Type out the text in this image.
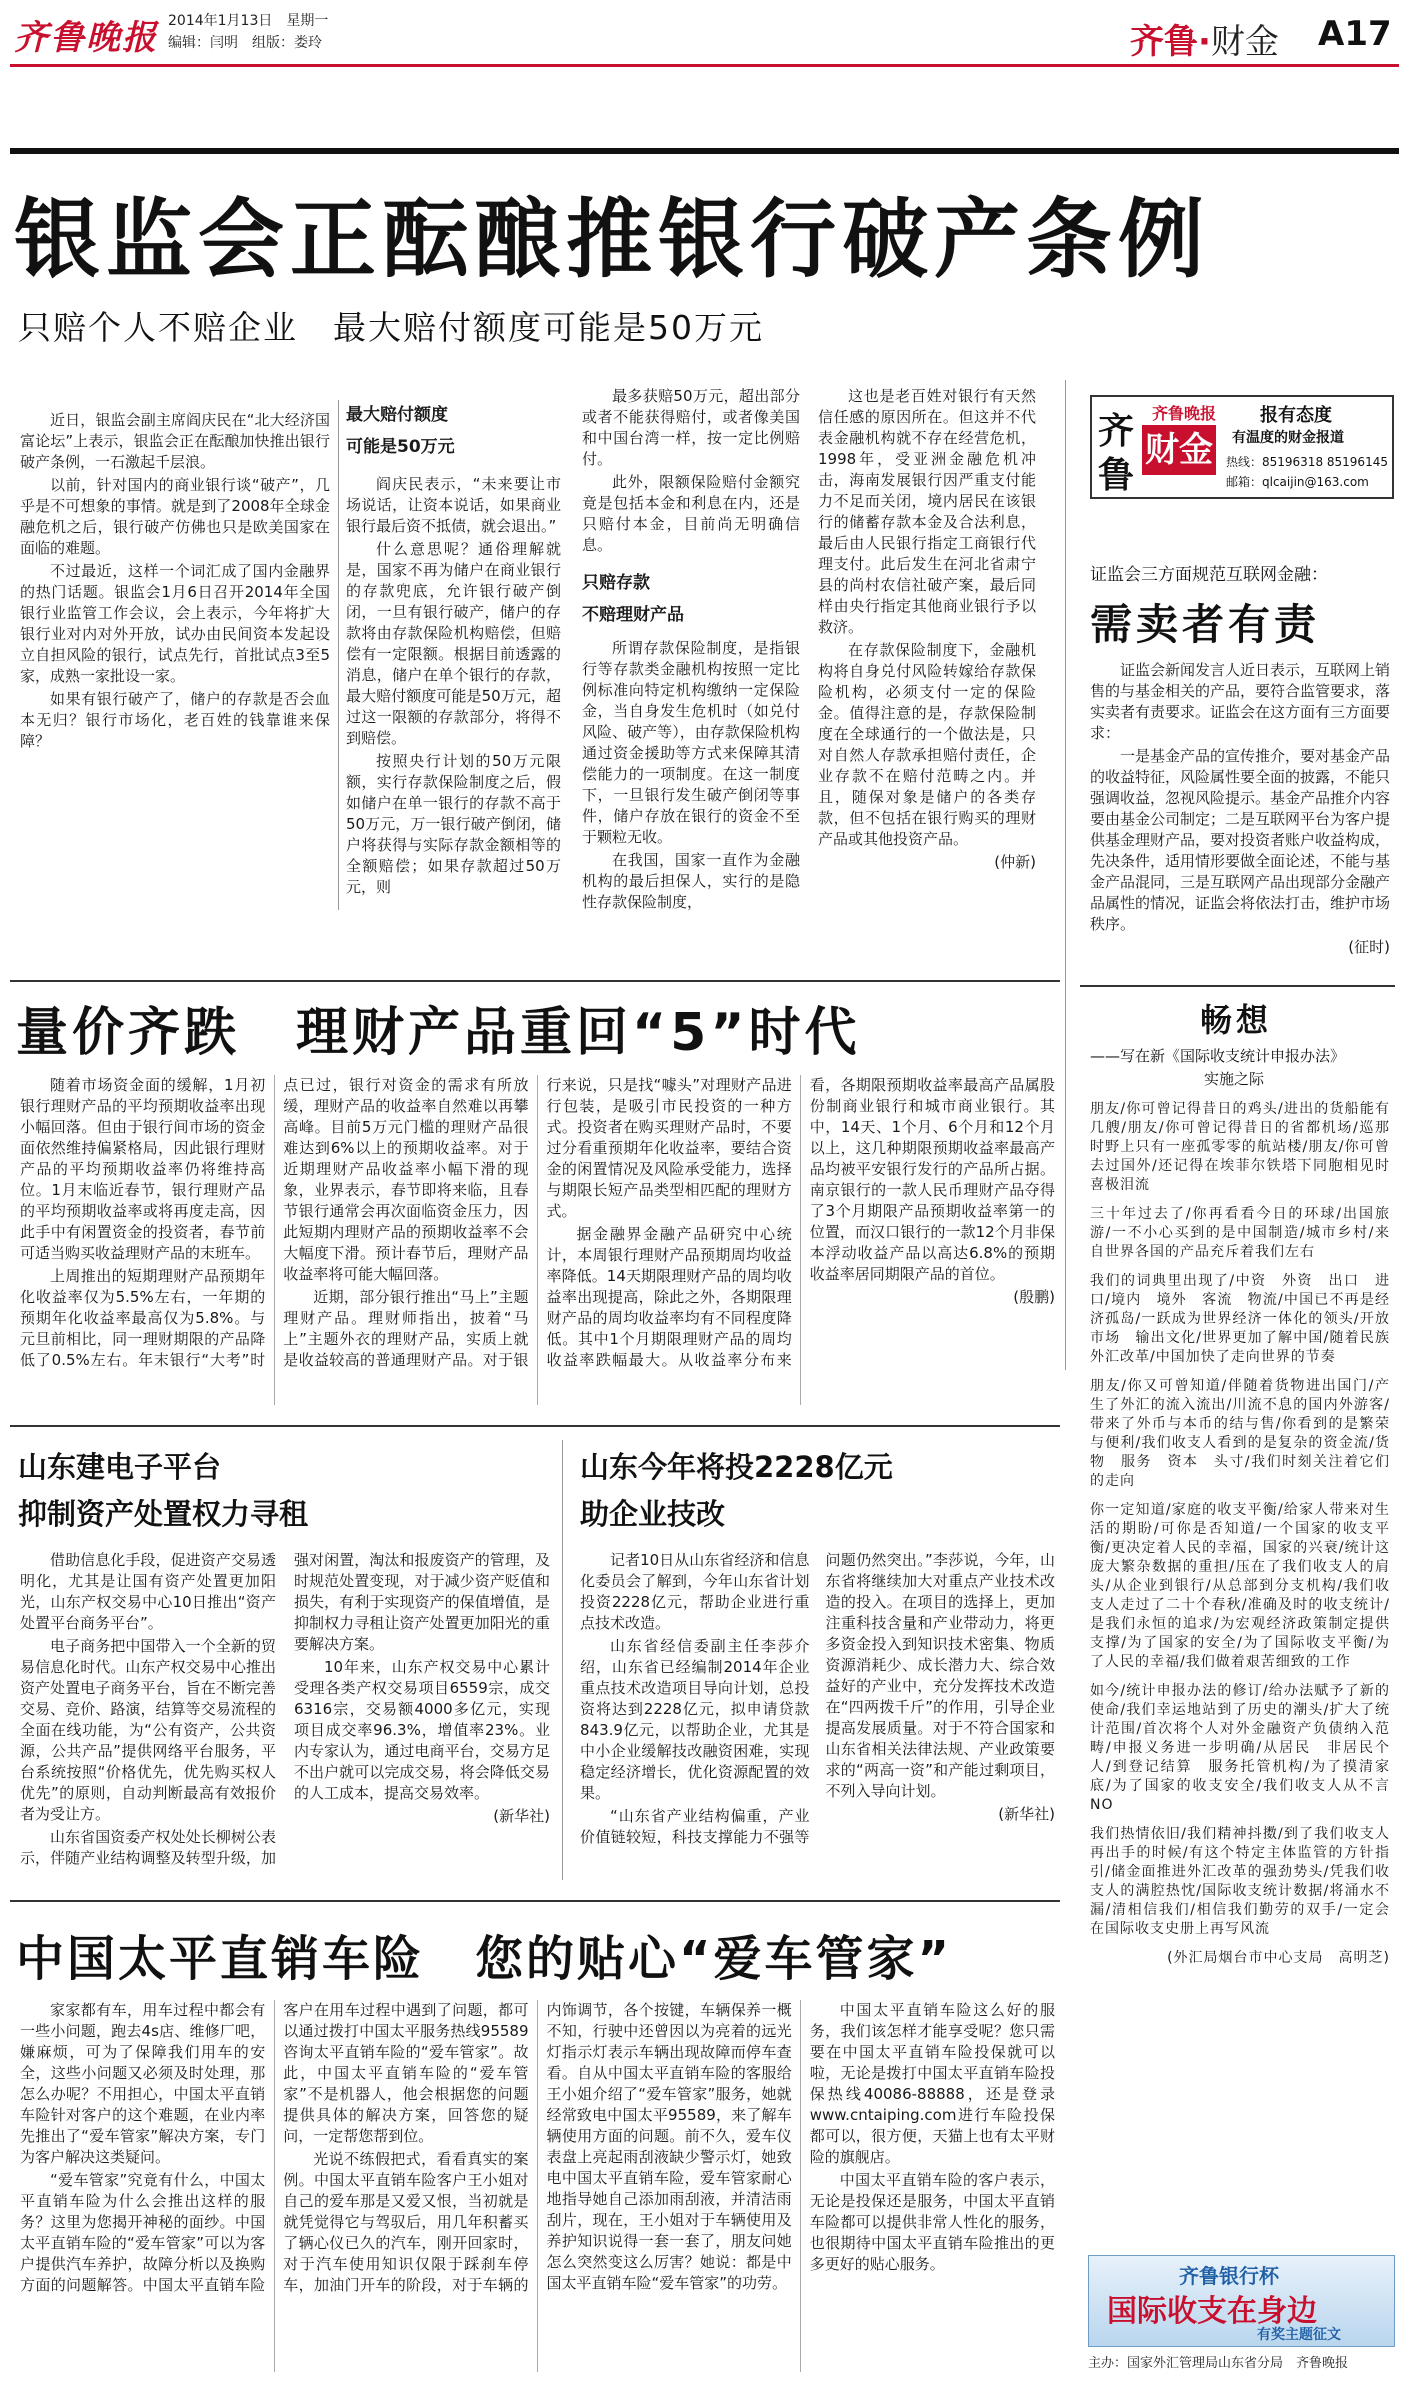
齐鲁晚报 2014年1月13日　星期一
编辑：闫明　组版：娄玲	齐鲁·财金 A17
银监会正酝酿推银行破产条例
只赔个人不赔企业　最大赔付额度可能是50万元

近日，银监会副主席阎庆民在“北大经济国富论坛”上表示，银监会正在酝酿加快推出银行破产条例，一石激起千层浪。

以前，针对国内的商业银行谈“破产”，几乎是不可想象的事情。就是到了2008年全球金融危机之后，银行破产仿佛也只是欧美国家在面临的难题。

不过最近，这样一个词汇成了国内金融界的热门话题。银监会1月6日召开2014年全国银行业监管工作会议，会上表示，今年将扩大银行业对内对外开放，试办由民间资本发起设立自担风险的银行，试点先行，首批试点3至5家，成熟一家批设一家。

如果有银行破产了，储户的存款是否会血本无归？银行市场化，老百姓的钱靠谁来保障？

最大赔付额度
可能是50万元

阎庆民表示，“未来要让市场说话，让资本说话，如果商业银行最后资不抵债，就会退出。”

什么意思呢？通俗理解就是，国家不再为储户在商业银行的存款兜底，允许银行破产倒闭，一旦有银行破产，储户的存款将由存款保险机构赔偿，但赔偿有一定限额。根据目前透露的消息，储户在单个银行的存款，最大赔付额度可能是50万元，超过这一限额的存款部分，将得不到赔偿。

按照央行计划的50万元限额，实行存款保险制度之后，假如储户在单一银行的存款不高于50万元，万一银行破产倒闭，储户将获得与实际存款金额相等的全额赔偿；如果存款超过50万元，则

最多获赔50万元，超出部分或者不能获得赔付，或者像美国和中国台湾一样，按一定比例赔付。

此外，限额保险赔付金额究竟是包括本金和利息在内，还是只赔付本金，目前尚无明确信息。

只赔存款
不赔理财产品

所谓存款保险制度，是指银行等存款类金融机构按照一定比例标准向特定机构缴纳一定保险金，当自身发生危机时（如兑付风险、破产等），由存款保险机构通过资金援助等方式来保障其清偿能力的一项制度。在这一制度下，一旦银行发生破产倒闭等事件，储户存放在银行的资金不至于颗粒无收。

在我国，国家一直作为金融机构的最后担保人，实行的是隐性存款保险制度，

这也是老百姓对银行有天然信任感的原因所在。但这并不代表金融机构就不存在经营危机，1998年，受亚洲金融危机冲击，海南发展银行因严重支付能力不足而关闭，境内居民在该银行的储蓄存款本金及合法利息，最后由人民银行指定工商银行代理支付。此后发生在河北省肃宁县的尚村农信社破产案，最后同样由央行指定其他商业银行予以救济。

在存款保险制度下，金融机构将自身兑付风险转嫁给存款保险机构，必须支付一定的保险金。值得注意的是，存款保险制度在全球通行的一个做法是，只对自然人存款承担赔付责任，企业存款不在赔付范畴之内。并且，随保对象是储户的各类存款，但不包括在银行购买的理财产品或其他投资产品。

(仲新)

齐
鲁
财金
齐鲁晚报 报有态度
有温度的财金报道
热线：85196318 85196145
邮箱：qlcaijin@163.com
证监会三方面规范互联网金融：
需卖者有责

证监会新闻发言人近日表示，互联网上销售的与基金相关的产品，要符合监管要求，落实卖者有责要求。证监会在这方面有三方面要求：

一是基金产品的宣传推介，要对基金产品的收益特征，风险属性要全面的披露，不能只强调收益，忽视风险提示。基金产品推介内容要由基金公司制定；二是互联网平台为客户提供基金理财产品，要对投资者账户收益构成，先决条件，适用情形要做全面论述，不能与基金产品混同，三是互联网产品出现部分金融产品属性的情况，证监会将依法打击，维护市场秩序。

(征时)

量价齐跌　理财产品重回“5”时代

随着市场资金面的缓解，1月初银行理财产品的平均预期收益率出现小幅回落。但由于银行间市场的资金面依然维持偏紧格局，因此银行理财产品的平均预期收益率仍将维持高位。1月末临近春节，银行理财产品的平均预期收益率或将再度走高，因此手中有闲置资金的投资者，春节前可适当购买收益理财产品的末班车。

上周推出的短期理财产品预期年化收益率仅为5.5%左右，一年期的预期年化收益率最高仅为5.8%。与元旦前相比，同一理财期限的产品降低了0.5%左右。年末银行“大考”时点已过，银行对资金的需求有所放缓，理财产品的收益率自然难以再攀高峰。目前5万元门槛的理财产品很难达到6%以上的预期收益率。对于近期理财产品收益率小幅下滑的现象，业界表示，春节即将来临，且春节银行通常会再次面临资金压力，因此短期内理财产品的预期收益率不会大幅度下滑。预计春节后，理财产品收益率将可能大幅回落。

近期，部分银行推出“马上”主题理财产品。理财师指出，披着“马上”主题外衣的理财产品，实质上就是收益较高的普通理财产品。对于银行来说，只是找“噱头”对理财产品进行包装，是吸引市民投资的一种方式。投资者在购买理财产品时，不要过分看重预期年化收益率，要结合资金的闲置情况及风险承受能力，选择与期限长短产品类型相匹配的理财方式。

据金融界金融产品研究中心统计，本周银行理财产品预期周均收益率降低。14天期限理财产品的周均收益率出现提高，除此之外，各期限理财产品的周均收益率均有不同程度降低。其中1个月期限理财产品的周均收益率跌幅最大。从收益率分布来看，各期限预期收益率最高产品属股份制商业银行和城市商业银行。其中，14天、1个月、6个月和12个月以上，这几种期限预期收益率最高产品均被平安银行发行的产品所占据。南京银行的一款人民币理财产品夺得了3个月期限产品预期收益率第一的位置，而汉口银行的一款12个月非保本浮动收益产品以高达6.8%的预期收益率居同期限产品的首位。

(殷鹏)

山东建电子平台
抑制资产处置权力寻租

借助信息化手段，促进资产交易透明化，尤其是让国有资产处置更加阳光，山东产权交易中心10日推出“资产处置平台商务平台”。

电子商务把中国带入一个全新的贸易信息化时代。山东产权交易中心推出资产处置电子商务平台，旨在不断完善交易、竞价、路演，结算等交易流程的全面在线功能，为“公有资产，公共资源，公共产品”提供网络平台服务，平台系统按照“价格优先，优先购买权人优先”的原则，自动判断最高有效报价者为受让方。

山东省国资委产权处处长柳树公表示，伴随产业结构调整及转型升级，加强对闲置，淘汰和报废资产的管理，及时规范处置变现，对于减少资产贬值和损失，有利于实现资产的保值增值，是抑制权力寻租让资产处置更加阳光的重要解决方案。

10年来，山东产权交易中心累计受理各类产权交易项目6559宗，成交6316宗，交易额4000多亿元，实现项目成交率96.3%，增值率23%。业内专家认为，通过电商平台，交易方足不出户就可以完成交易，将会降低交易的人工成本，提高交易效率。

(新华社)

山东今年将投2228亿元
助企业技改

记者10日从山东省经济和信息化委员会了解到，今年山东省计划投资2228亿元，帮助企业进行重点技术改造。

山东省经信委副主任李莎介绍，山东省已经编制2014年企业重点技术改造项目导向计划，总投资将达到2228亿元，拟申请贷款843.9亿元，以帮助企业，尤其是中小企业缓解技改融资困难，实现稳定经济增长，优化资源配置的效果。

“山东省产业结构偏重，产业价值链较短，科技支撑能力不强等问题仍然突出。”李莎说，今年，山东省将继续加大对重点产业技术改造的投入。在项目的选择上，更加注重科技含量和产业带动力，将更多资金投入到知识技术密集、物质资源消耗少、成长潜力大、综合效益好的产业中，充分发挥技术改造在“四两拨千斤”的作用，引导企业提高发展质量。对于不符合国家和山东省相关法律法规、产业政策要求的“两高一资”和产能过剩项目，不列入导向计划。

(新华社)

中国太平直销车险　您的贴心“爱车管家”

家家都有车，用车过程中都会有一些小问题，跑去4s店、维修厂吧，嫌麻烦，可为了保障我们用车的安全，这些小问题又必须及时处理，那怎么办呢？不用担心，中国太平直销车险针对客户的这个难题，在业内率先推出了“爱车管家”解决方案，专门为客户解决这类疑问。

“爱车管家”究竟有什么，中国太平直销车险为什么会推出这样的服务？这里为您揭开神秘的面纱。中国太平直销车险的“爱车管家”可以为客户提供汽车养护，故障分析以及换购方面的问题解答。中国太平直销车险客户在用车过程中遇到了问题，都可以通过拨打中国太平服务热线95589咨询太平直销车险的“爱车管家”。故此，中国太平直销车险的“爱车管家”不是机器人，他会根据您的问题提供具体的解决方案，回答您的疑问，一定帮您帮到位。

光说不练假把式，看看真实的案例。中国太平直销车险客户王小姐对自己的爱车那是又爱又恨，当初就是就凭觉得它与驾驭后，用几年积蓄买了辆心仪已久的汽车，刚开回家时，对于汽车使用知识仅限于踩刹车停车，加油门开车的阶段，对于车辆的内饰调节，各个按键，车辆保养一概不知，行驶中还曾因以为亮着的远光灯指示灯表示车辆出现故障而停车查看。自从中国太平直销车险的客服给王小姐介绍了“爱车管家”服务，她就经常致电中国太平95589，来了解车辆使用方面的问题。前不久，爱车仪表盘上亮起雨刮液缺少警示灯，她致电中国太平直销车险，爱车管家耐心地指导她自己添加雨刮液，并清洁雨刮片，现在，王小姐对于车辆使用及养护知识说得一套一套了，朋友问她怎么突然变这么厉害？她说：都是中国太平直销车险“爱车管家”的功劳。

中国太平直销车险这么好的服务，我们该怎样才能享受呢？您只需要在中国太平直销车险投保就可以啦，无论是拨打中国太平直销车险投保热线40086-88888，还是登录www.cntaiping.com进行车险投保都可以，很方便，天猫上也有太平财险的旗舰店。

中国太平直销车险的客户表示，无论是投保还是服务，中国太平直销车险都可以提供非常人性化的服务，也很期待中国太平直销车险推出的更多更好的贴心服务。

畅想
——写在新《国际收支统计申报办法》
实施之际

朋友/你可曾记得昔日的鸡头/进出的货船能有几艘/朋友/你可曾记得昔日的省都机场/巡那时野上只有一座孤零零的航站楼/朋友/你可曾去过国外/还记得在埃菲尔铁塔下同胞相见时喜极泪流

三十年过去了/你再看看今日的环球/出国旅游/一不小心买到的是中国制造/城市乡村/来自世界各国的产品充斥着我们左右

我们的词典里出现了/中资　外资　出口　进口/境内　境外　客流　物流/中国已不再是经济孤岛/一跃成为世界经济一体化的领头/开放市场　输出文化/世界更加了解中国/随着民族　外汇改革/中国加快了走向世界的节奏

朋友/你又可曾知道/伴随着货物进出国门/产生了外汇的流入流出/川流不息的国内外游客/带来了外币与本币的结与售/你看到的是繁荣与便利/我们收支人看到的是复杂的资金流/货物　服务　资本　头寸/我们时刻关注着它们的走向

你一定知道/家庭的收支平衡/给家人带来对生活的期盼/可你是否知道/一个国家的收支平衡/更决定着人民的幸福，国家的兴衰/统计这庞大繁杂数据的重担/压在了我们收支人的肩头/从企业到银行/从总部到分支机构/我们收支人走过了二十个春秋/准确及时的收支统计/是我们永恒的追求/为宏观经济政策制定提供支撑/为了国家的安全/为了国际收支平衡/为了人民的幸福/我们做着艰苦细致的工作

如今/统计申报办法的修订/给办法赋予了新的使命/我们幸运地站到了历史的潮头/扩大了统计范围/首次将个人对外金融资产负债纳入范畴/申报义务进一步明确/从居民　非居民个人/到登记结算　服务托管机构/为了摸清家底/为了国家的收支安全/我们收支人从不言NO

我们热情依旧/我们精神抖擞/到了我们收支人再出手的时候/有这个特定主体监管的方针指引/储金面推进外汇改革的强劲势头/凭我们收支人的满腔热忱/国际收支统计数据/将涌水不漏/清相信我们/相信我们勤劳的双手/一定会在国际收支史册上再写风流

(外汇局烟台市中心支局　高明芝)

齐鲁银行杯
国际收支在身边
有奖主题征文
主办：国家外汇管理局山东省分局　齐鲁晚报
